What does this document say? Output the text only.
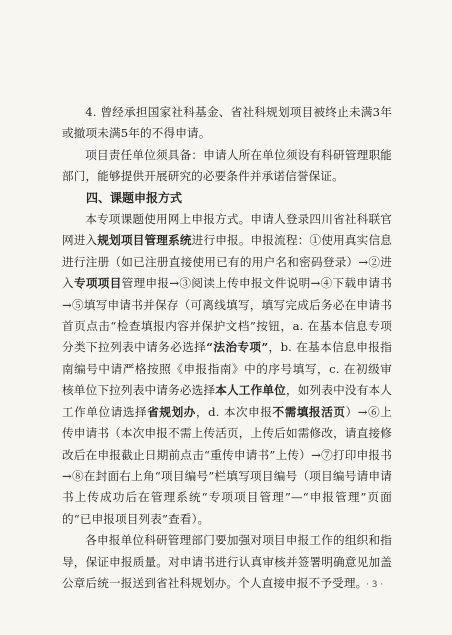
4. 曾经承担国家社科基金、省社科规划项目被终止未满3年或撤项未满5年的不得申请。

项目责任单位须具备：申请人所在单位须设有科研管理职能部门，能够提供开展研究的必要条件并承诺信誉保证。

四、课题申报方式

本专项课题使用网上申报方式。申请人登录四川省社科联官网进入规划项目管理系统进行申报。申报流程：①使用真实信息进行注册（如已注册直接使用已有的用户名和密码登录）→②进入专项项目管理申报→③阅读上传申报文件说明→④下载申请书→⑤填写申请书并保存（可离线填写，填写完成后务必在申请书首页点击“检查填报内容并保护文档”按钮，a. 在基本信息专项分类下拉列表中请务必选择“法治专项”，b. 在基本信息申报指南编号中请严格按照《申报指南》中的序号填写，c. 在初级审核单位下拉列表中请务必选择本人工作单位，如列表中没有本人工作单位请选择省规划办，d. 本次申报不需填报活页）→⑥上传申请书（本次申报不需上传活页，上传后如需修改，请直接修改后在申报截止日期前点击“重传申请书”上传）→⑦打印申报书→⑧在封面右上角“项目编号”栏填写项目编号（项目编号请申请书上传成功后在管理系统“专项项目管理”—“申报管理”页面的“已申报项目列表”查看）。

各申报单位科研管理部门要加强对项目申报工作的组织和指导，保证申报质量。对申请书进行认真审核并签署明确意见加盖公章后统一报送到省社科规划办。个人直接申报不予受理。

· 3 ·
